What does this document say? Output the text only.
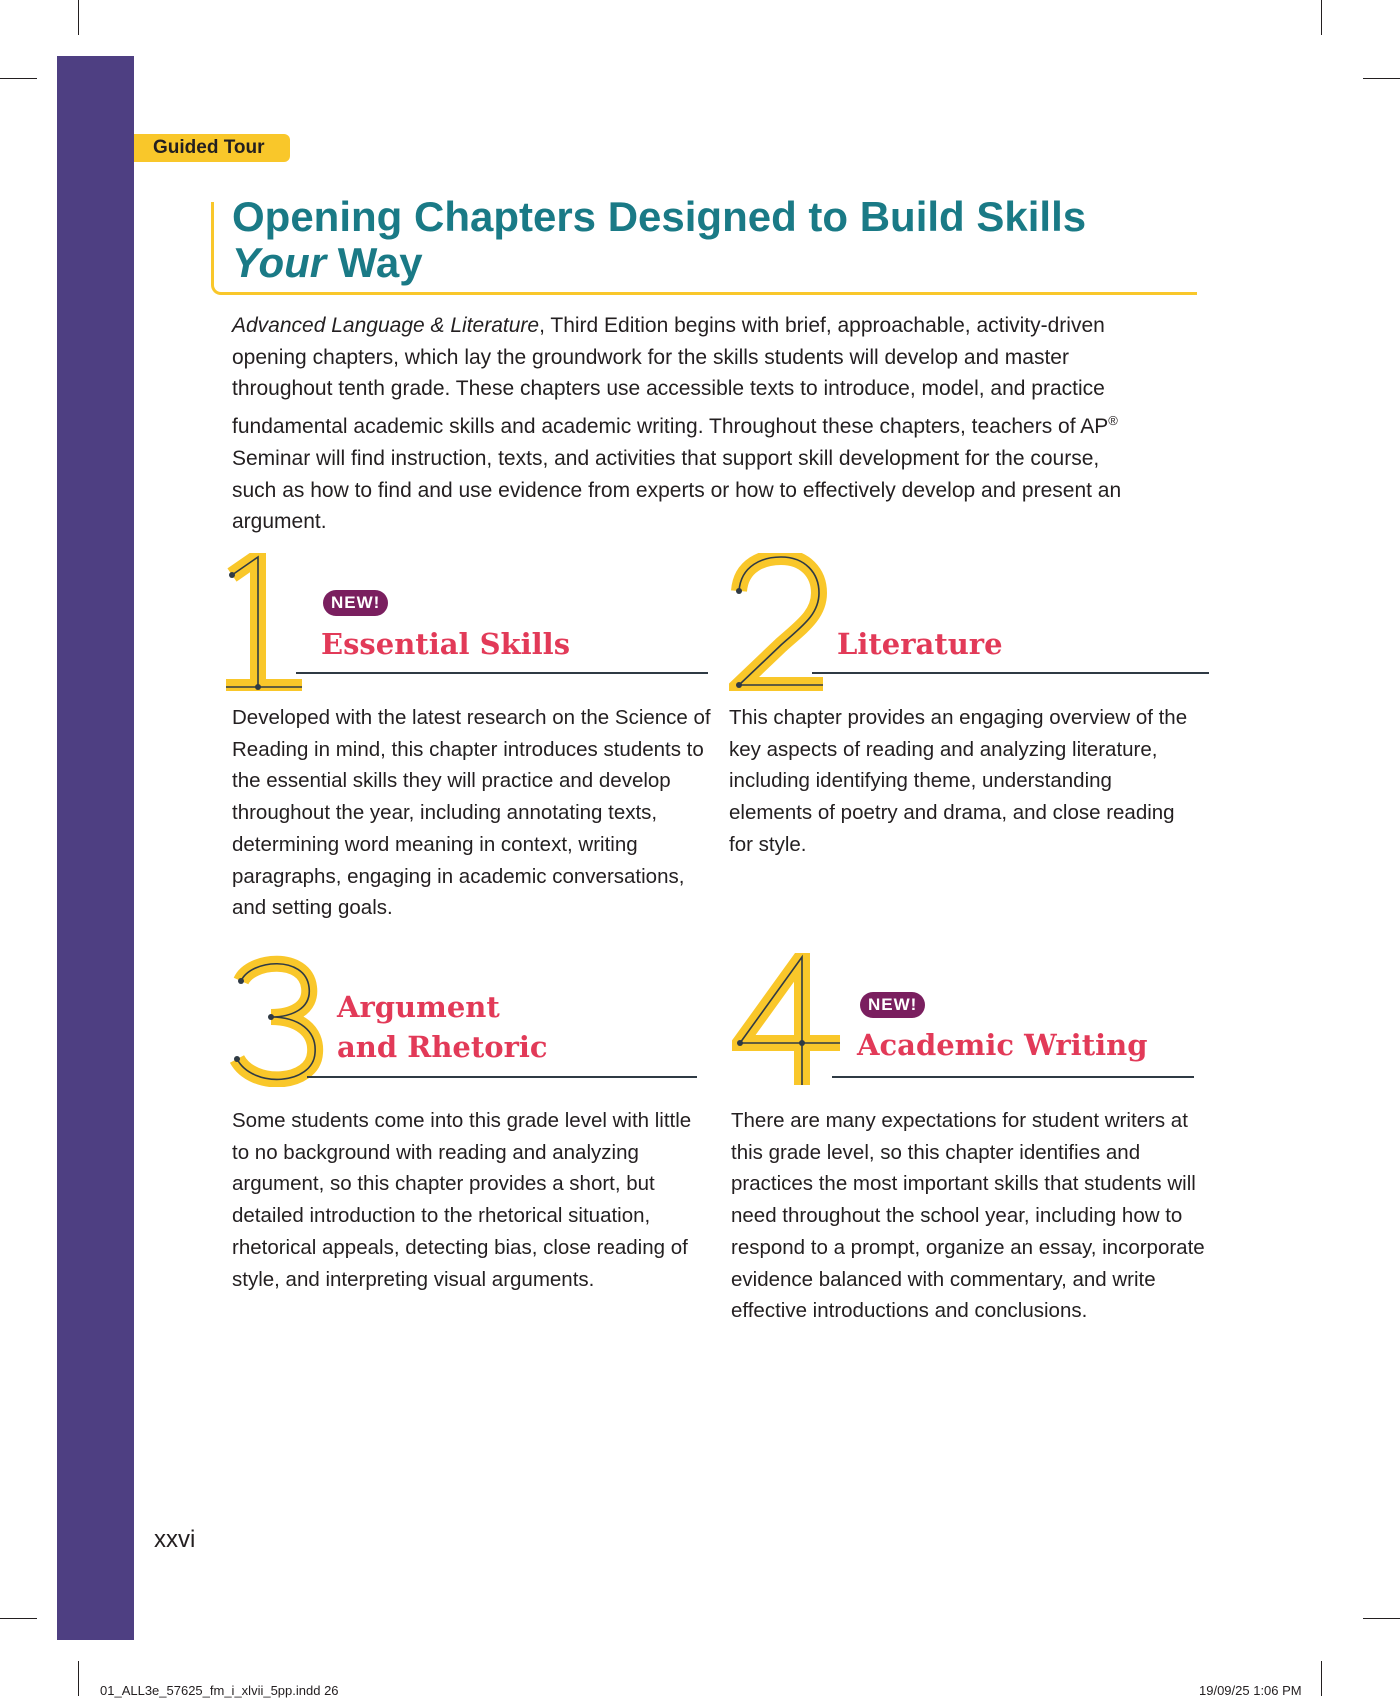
Guided Tour
Opening Chapters Designed to Build Skills
Your Way

Advanced Language & Literature, Third Edition begins with brief, approachable, activity-driven opening chapters, which lay the groundwork for the skills students will develop and master throughout tenth grade. These chapters use accessible texts to introduce, model, and practice fundamental academic skills and academic writing. Throughout these chapters, teachers of AP® Seminar will find instruction, texts, and activities that support skill development for the course, such as how to find and use evidence from experts or how to effectively develop and present an argument.

NEW!
Essential Skills

Developed with the latest research on the Science of Reading in mind, this chapter introduces students to the essential skills they will practice and develop throughout the year, including annotating texts, determining word meaning in context, writing paragraphs, engaging in academic conversations, and setting goals.

Literature

This chapter provides an engaging overview of the key aspects of reading and analyzing literature, including identifying theme, understanding elements of poetry and drama, and close reading for style.

Argument
and Rhetoric

Some students come into this grade level with little to no background with reading and analyzing argument, so this chapter provides a short, but detailed introduction to the rhetorical situation, rhetorical appeals, detecting bias, close reading of style, and interpreting visual arguments.

NEW!
Academic Writing

There are many expectations for student writers at this grade level, so this chapter identifies and practices the most important skills that students will need throughout the school year, including how to respond to a prompt, organize an essay, incorporate evidence balanced with commentary, and write effective introductions and conclusions.

xxvi
01_ALL3e_57625_fm_i_xlvii_5pp.indd 26	19/09/25 1:06 PM
